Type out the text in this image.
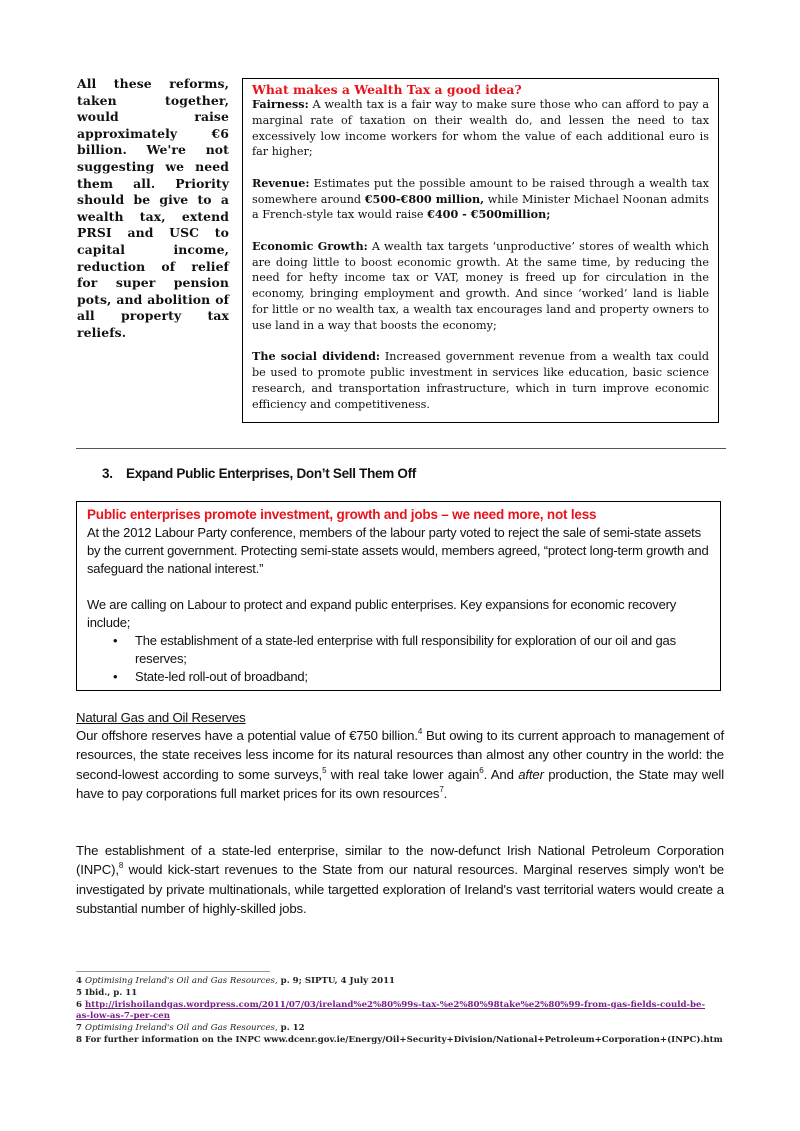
All these reforms, taken together, would raise approximately €6 billion. We're not suggesting we need them all. Priority should be give to a wealth tax, extend PRSI and USC to capital income, reduction of relief for super pension pots, and abolition of all property tax reliefs.
What makes a Wealth Tax a good idea?

Fairness: A wealth tax is a fair way to make sure those who can afford to pay a marginal rate of taxation on their wealth do, and lessen the need to tax excessively low income workers for whom the value of each additional euro is far higher;

Revenue: Estimates put the possible amount to be raised through a wealth tax somewhere around €500-€800 million, while Minister Michael Noonan admits a French-style tax would raise €400 - €500million;

Economic Growth: A wealth tax targets ‘unproductive’ stores of wealth which are doing little to boost economic growth. At the same time, by reducing the need for hefty income tax or VAT, money is freed up for circulation in the economy, bringing employment and growth. And since ‘worked’ land is liable for little or no wealth tax, a wealth tax encourages land and property owners to use land in a way that boosts the economy;

The social dividend: Increased government revenue from a wealth tax could be used to promote public investment in services like education, basic science research, and transportation infrastructure, which in turn improve economic efficiency and competitiveness.

3. Expand Public Enterprises, Don’t Sell Them Off
Public enterprises promote investment, growth and jobs – we need more, not less

At the 2012 Labour Party conference, members of the labour party voted to reject the sale of semi-state assets by the current government. Protecting semi-state assets would, members agreed, “protect long-term growth and safeguard the national interest.”

We are calling on Labour to protect and expand public enterprises. Key expansions for economic recovery include;

• The establishment of a state-led enterprise with full responsibility for exploration of our oil and gas reserves;
• State-led roll-out of broadband;
Natural Gas and Oil Reserves
Our offshore reserves have a potential value of €750 billion.$^4$ But owing to its current approach to management of resources, the state receives less income for its natural resources than almost any other country in the world: the second-lowest according to some surveys,$^5$ with real take lower again$^6$. And after production, the State may well have to pay corporations full market prices for its own resources$^7$.
The establishment of a state-led enterprise, similar to the now-defunct Irish National Petroleum Corporation (INPC),$^8$ would kick-start revenues to the State from our natural resources. Marginal reserves simply won't be investigated by private multinationals, while targetted exploration of Ireland's vast territorial waters would create a substantial number of highly-skilled jobs.
4 Optimising Ireland's Oil and Gas Resources, p. 9; SIPTU, 4 July 2011
5 Ibid., p. 11
6 http://irishoilandgas.wordpress.com/2011/07/03/ireland%e2%80%99s-tax-%e2%80%98take%e2%80%99-from-gas-fields-could-be-
as-low-as-7-per-cen
7 Optimising Ireland's Oil and Gas Resources, p. 12
8 For further information on the INPC www.dcenr.gov.ie/Energy/Oil+Security+Division/National+Petroleum+Corporation+(INPC).htm
